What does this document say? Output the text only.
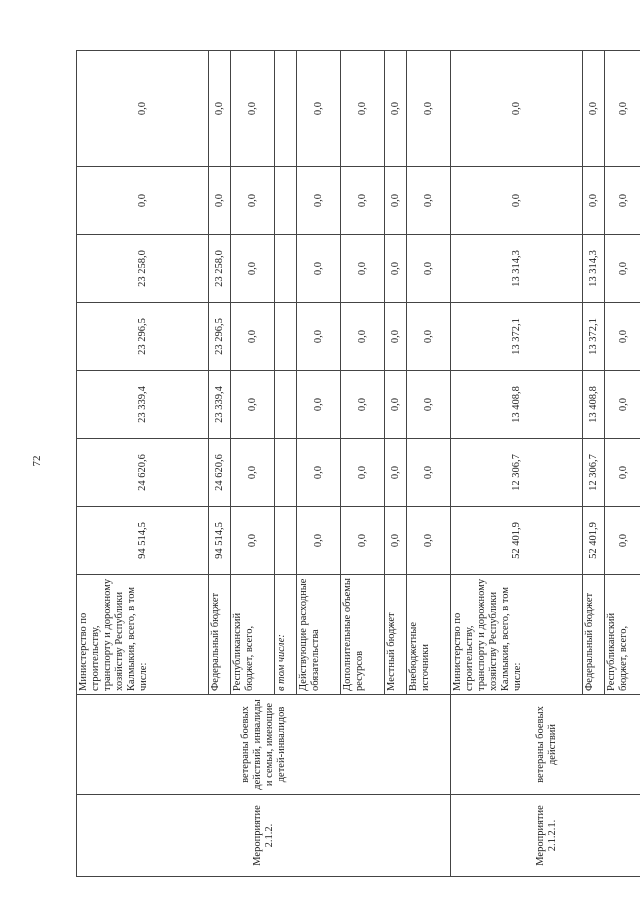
72
Мероприятие 2.1.2.	ветераны боевых действий, инвалиды и семьи, имеющие детей-инвалидов	Министерство по строительству, транспорту и дорожному хозяйству Республики Калмыкия, всего, в том числе:	94 514,5	24 620,6	23 339,4	23 296,5	23 258,0	0,0	0,0
		Федеральный бюджет	94 514,5	24 620,6	23 339,4	23 296,5	23 258,0	0,0	0,0
		Республиканский бюджет, всего,	0,0	0,0	0,0	0,0	0,0	0,0	0,0
		в том числе:							
		Действующие расходные обязательства	0,0	0,0	0,0	0,0	0,0	0,0	0,0
		Дополнительные объемы ресурсов	0,0	0,0	0,0	0,0	0,0	0,0	0,0
		Местный бюджет	0,0	0,0	0,0	0,0	0,0	0,0	0,0
		Внебюджетные источники	0,0	0,0	0,0	0,0	0,0	0,0	0,0
Мероприятие 2.1.2.1.	ветераны боевых действий	Министерство по строительству, транспорту и дорожному хозяйству Республики Калмыкия, всего, в том числе:	52 401,9	12 306,7	13 408,8	13 372,1	13 314,3	0,0	0,0
		Федеральный бюджет	52 401,9	12 306,7	13 408,8	13 372,1	13 314,3	0,0	0,0
		Республиканский бюджет, всего,	0,0	0,0	0,0	0,0	0,0	0,0	0,0
